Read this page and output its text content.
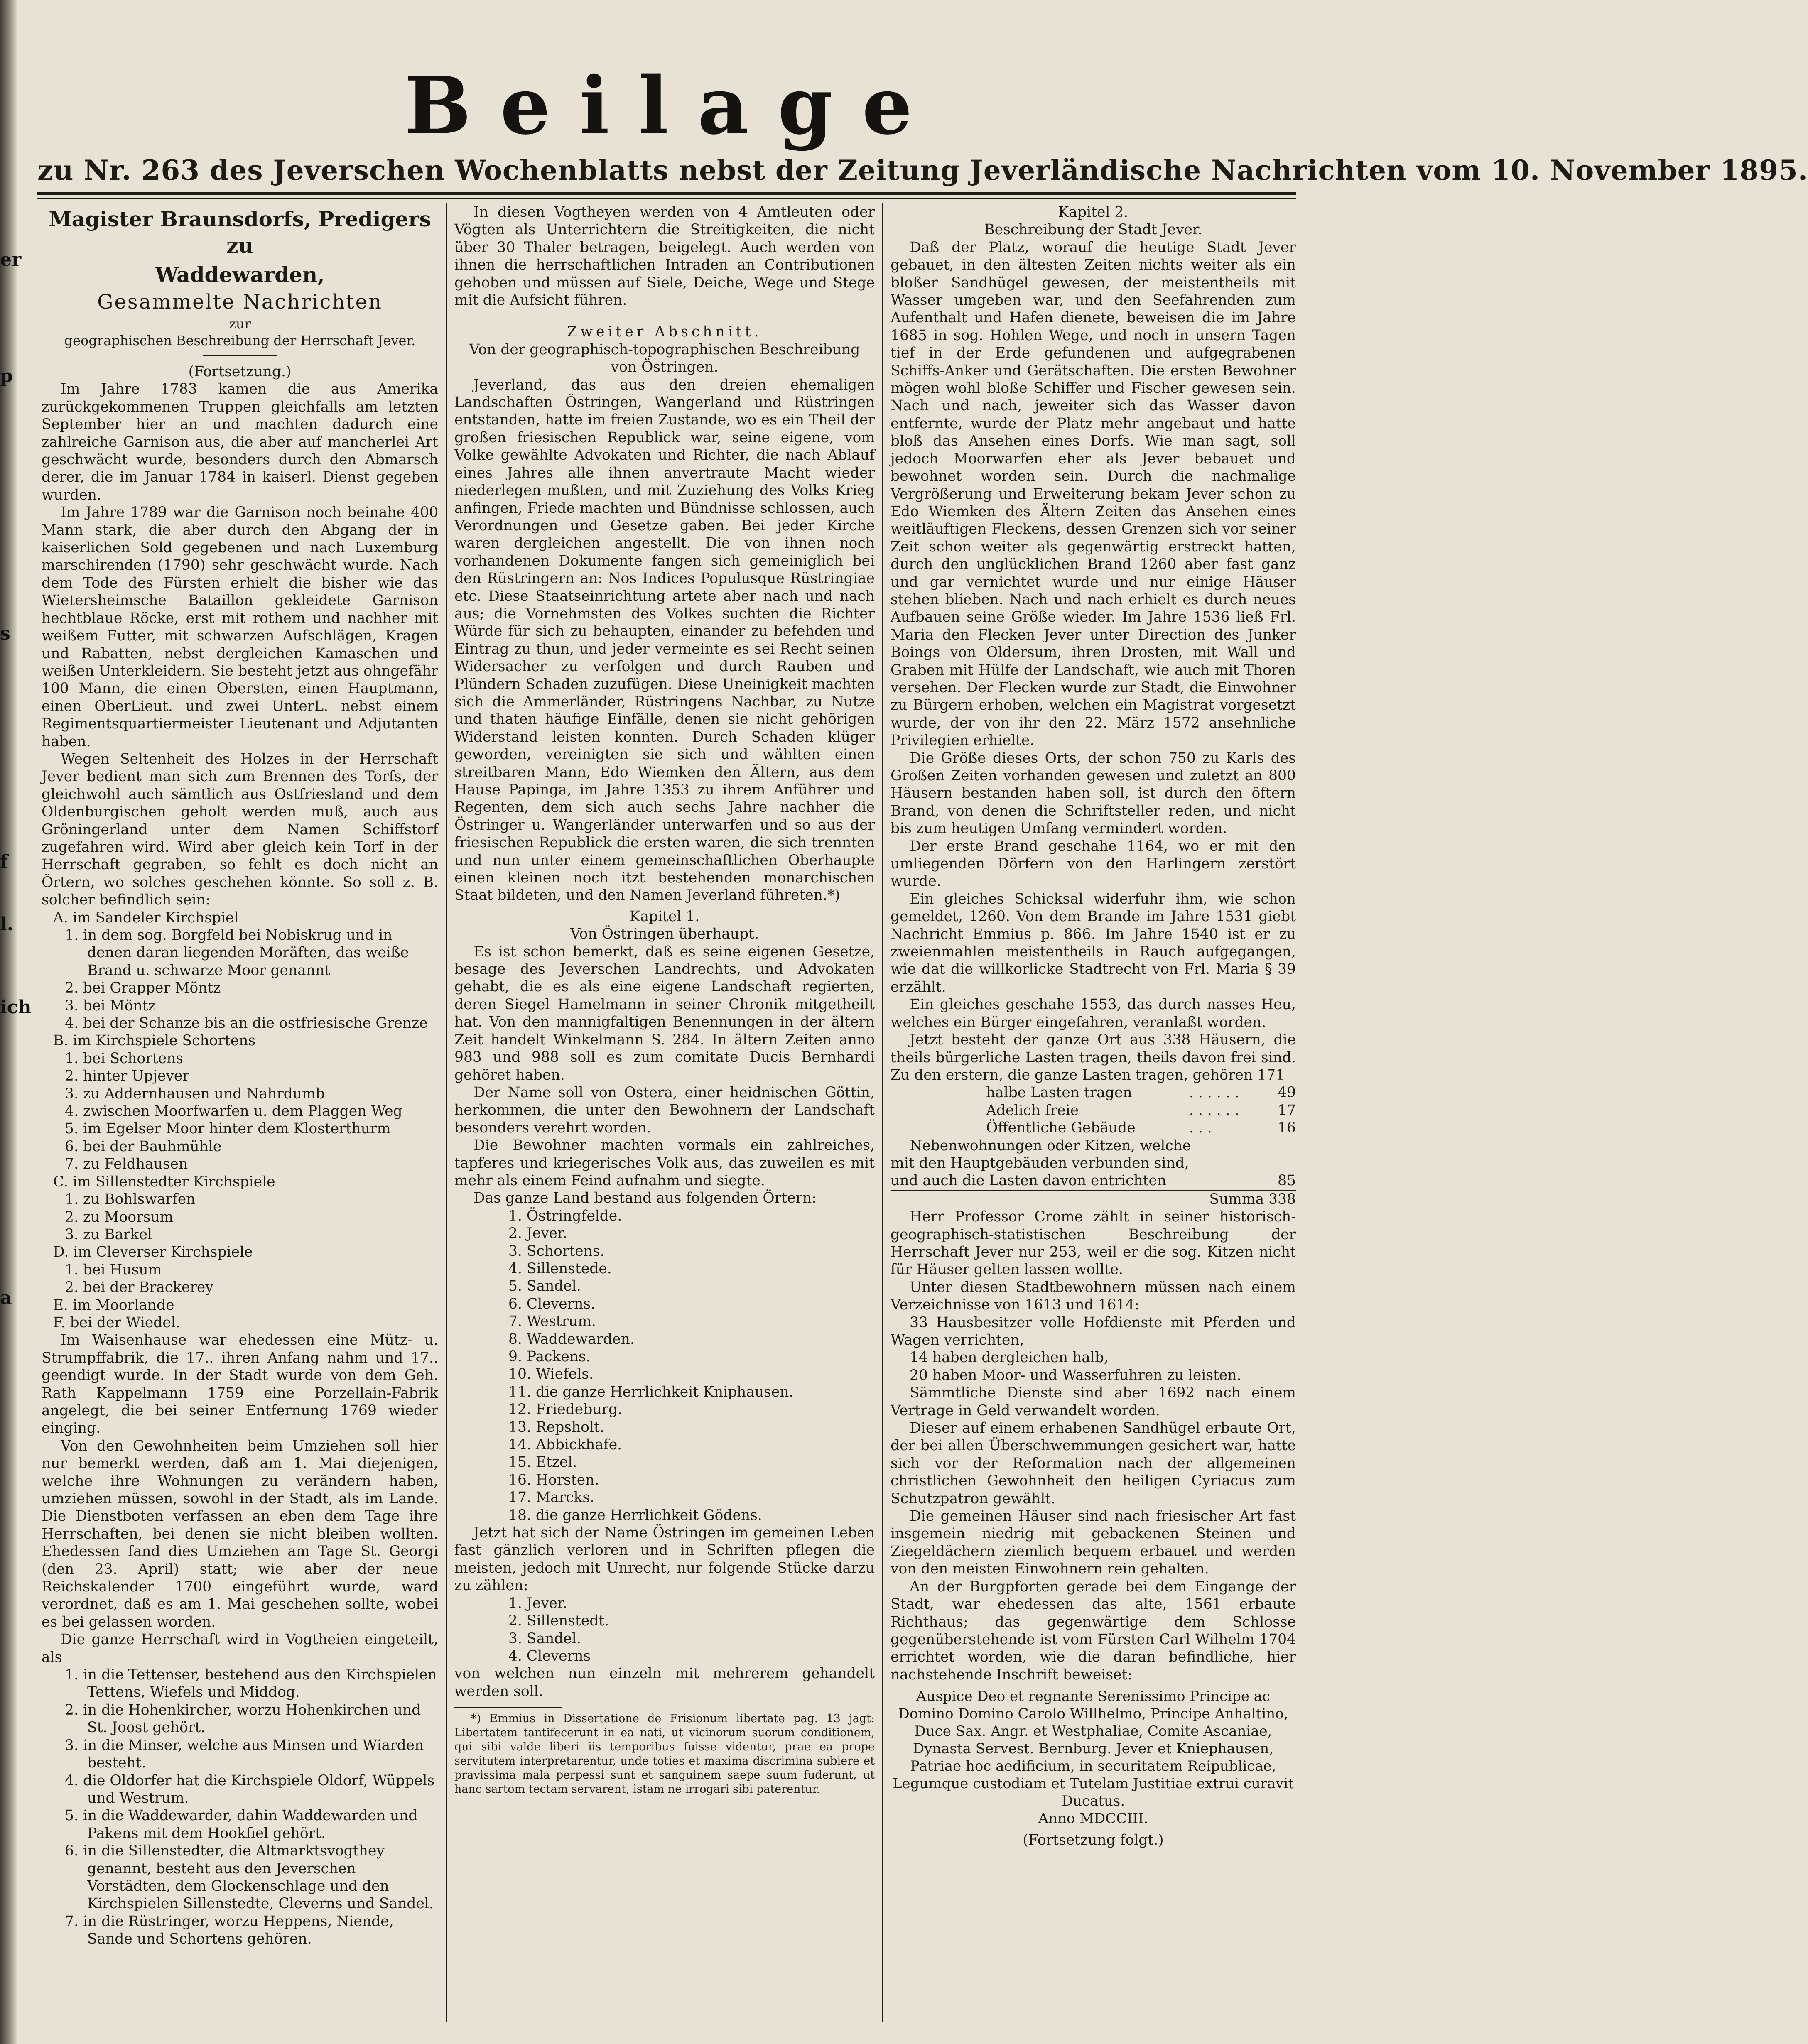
er
p
s
f
l.
ich
a
Beilage
zu Nr. 263 des Jeverschen Wochenblatts nebst der Zeitung Jeverländische Nachrichten vom 10. November 1895.
Magister Braunsdorfs, Predigers zu
Waddewarden,
Gesammelte Nachrichten
zur
geographischen Beschreibung der Herrschaft Jever.
(Fortsetzung.)

Im Jahre 1783 kamen die aus Amerika zurückgekommenen Truppen gleichfalls am letzten September hier an und machten dadurch eine zahlreiche Garnison aus, die aber auf mancherlei Art geschwächt wurde, besonders durch den Abmarsch derer, die im Januar 1784 in kaiserl. Dienst gegeben wurden.

Im Jahre 1789 war die Garnison noch beinahe 400 Mann stark, die aber durch den Abgang der in kaiserlichen Sold gegebenen und nach Luxemburg marschirenden (1790) sehr geschwächt wurde. Nach dem Tode des Fürsten erhielt die bisher wie das Wietersheimsche Bataillon gekleidete Garnison hechtblaue Röcke, erst mit rothem und nachher mit weißem Futter, mit schwarzen Aufschlägen, Kragen und Rabatten, nebst dergleichen Kamaschen und weißen Unterkleidern. Sie besteht jetzt aus ohngefähr 100 Mann, die einen Obersten, einen Hauptmann, einen OberLieut. und zwei UnterL. nebst einem Regimentsquartiermeister Lieutenant und Adjutanten haben.

Wegen Seltenheit des Holzes in der Herrschaft Jever bedient man sich zum Brennen des Torfs, der gleichwohl auch sämtlich aus Ostfriesland und dem Oldenburgischen geholt werden muß, auch aus Gröningerland unter dem Namen Schiffstorf zugefahren wird. Wird aber gleich kein Torf in der Herrschaft gegraben, so fehlt es doch nicht an Örtern, wo solches geschehen könnte. So soll z. B. solcher befindlich sein:

A. im Sandeler Kirchspiel
1. in dem sog. Borgfeld bei Nobiskrug und in denen daran liegenden Moräften, das weiße Brand u. schwarze Moor genannt
2. bei Grapper Möntz
3. bei Möntz
4. bei der Schanze bis an die ostfriesische Grenze
B. im Kirchspiele Schortens
1. bei Schortens
2. hinter Upjever
3. zu Addernhausen und Nahrdumb
4. zwischen Moorfwarfen u. dem Plaggen Weg
5. im Egelser Moor hinter dem Klosterthurm
6. bei der Bauhmühle
7. zu Feldhausen
C. im Sillenstedter Kirchspiele
1. zu Bohlswarfen
2. zu Moorsum
3. zu Barkel
D. im Cleverser Kirchspiele
1. bei Husum
2. bei der Brackerey
E. im Moorlande
F. bei der Wiedel.

Im Waisenhause war ehedessen eine Mütz- u. Strumpffabrik, die 17.. ihren Anfang nahm und 17.. geendigt wurde. In der Stadt wurde von dem Geh. Rath Kappelmann 1759 eine Porzellain-Fabrik angelegt, die bei seiner Entfernung 1769 wieder einging.

Von den Gewohnheiten beim Umziehen soll hier nur bemerkt werden, daß am 1. Mai diejenigen, welche ihre Wohnungen zu verändern haben, umziehen müssen, sowohl in der Stadt, als im Lande. Die Dienstboten verfassen an eben dem Tage ihre Herrschaften, bei denen sie nicht bleiben wollten. Ehedessen fand dies Umziehen am Tage St. Georgi (den 23. April) statt; wie aber der neue Reichskalender 1700 eingeführt wurde, ward verordnet, daß es am 1. Mai geschehen sollte, wobei es bei gelassen worden.

Die ganze Herrschaft wird in Vogtheien eingeteilt, als

1. in die Tettenser, bestehend aus den Kirchspielen Tettens, Wiefels und Middog.
2. in die Hohenkircher, worzu Hohenkirchen und St. Joost gehört.
3. in die Minser, welche aus Minsen und Wiarden besteht.
4. die Oldorfer hat die Kirchspiele Oldorf, Wüppels und Westrum.
5. in die Waddewarder, dahin Waddewarden und Pakens mit dem Hookfiel gehört.
6. in die Sillenstedter, die Altmarktsvogthey genannt, besteht aus den Jeverschen Vorstädten, dem Glockenschlage und den Kirchspielen Sillenstedte, Cleverns und Sandel.
7. in die Rüstringer, worzu Heppens, Niende, Sande und Schortens gehören.

In diesen Vogtheyen werden von 4 Amtleuten oder Vögten als Unterrichtern die Streitigkeiten, die nicht über 30 Thaler betragen, beigelegt. Auch werden von ihnen die herrschaftlichen Intraden an Contributionen gehoben und müssen auf Siele, Deiche, Wege und Stege mit die Aufsicht führen.

Zweiter Abschnitt.
Von der geographisch-topographischen Beschreibung
von Östringen.

Jeverland, das aus den dreien ehemaligen Landschaften Östringen, Wangerland und Rüstringen entstanden, hatte im freien Zustande, wo es ein Theil der großen friesischen Republick war, seine eigene, vom Volke gewählte Advokaten und Richter, die nach Ablauf eines Jahres alle ihnen anvertraute Macht wieder niederlegen mußten, und mit Zuziehung des Volks Krieg anfingen, Friede machten und Bündnisse schlossen, auch Verordnungen und Gesetze gaben. Bei jeder Kirche waren dergleichen angestellt. Die von ihnen noch vorhandenen Dokumente fangen sich gemeiniglich bei den Rüstringern an: Nos Indices Populusque Rüstringiae etc. Diese Staatseinrichtung artete aber nach und nach aus; die Vornehmsten des Volkes suchten die Richter Würde für sich zu behaupten, einander zu befehden und Eintrag zu thun, und jeder vermeinte es sei Recht seinen Widersacher zu verfolgen und durch Rauben und Plündern Schaden zuzufügen. Diese Uneinigkeit machten sich die Ammerländer, Rüstringens Nachbar, zu Nutze und thaten häufige Einfälle, denen sie nicht gehörigen Widerstand leisten konnten. Durch Schaden klüger geworden, vereinigten sie sich und wählten einen streitbaren Mann, Edo Wiemken den Ältern, aus dem Hause Papinga, im Jahre 1353 zu ihrem Anführer und Regenten, dem sich auch sechs Jahre nachher die Östringer u. Wangerländer unterwarfen und so aus der friesischen Republick die ersten waren, die sich trennten und nun unter einem gemeinschaftlichen Oberhaupte einen kleinen noch itzt bestehenden monarchischen Staat bildeten, und den Namen Jeverland führeten.*)

Kapitel 1.
Von Östringen überhaupt.

Es ist schon bemerkt, daß es seine eigenen Gesetze, besage des Jeverschen Landrechts, und Advokaten gehabt, die es als eine eigene Landschaft regierten, deren Siegel Hamelmann in seiner Chronik mitgetheilt hat. Von den mannigfaltigen Benennungen in der ältern Zeit handelt Winkelmann S. 284. In ältern Zeiten anno 983 und 988 soll es zum comitate Ducis Bernhardi gehöret haben.

Der Name soll von Ostera, einer heidnischen Göttin, herkommen, die unter den Bewohnern der Landschaft besonders verehrt worden.

Die Bewohner machten vormals ein zahlreiches, tapferes und kriegerisches Volk aus, das zuweilen es mit mehr als einem Feind aufnahm und siegte.

Das ganze Land bestand aus folgenden Örtern:

1. Östringfelde.
2. Jever.
3. Schortens.
4. Sillenstede.
5. Sandel.
6. Cleverns.
7. Westrum.
8. Waddewarden.
9. Packens.
10. Wiefels.
11. die ganze Herrlichkeit Kniphausen.
12. Friedeburg.
13. Repsholt.
14. Abbickhafe.
15. Etzel.
16. Horsten.
17. Marcks.
18. die ganze Herrlichkeit Gödens.

Jetzt hat sich der Name Östringen im gemeinen Leben fast gänzlich verloren und in Schriften pflegen die meisten, jedoch mit Unrecht, nur folgende Stücke darzu zu zählen:

1. Jever.
2. Sillenstedt.
3. Sandel.
4. Cleverns

von welchen nun einzeln mit mehrerem gehandelt werden soll.

*) Emmius in Dissertatione de Frisionum libertate pag. 13 jagt: Libertatem tantifecerunt in ea nati, ut vicinorum suorum conditionem, qui sibi valde liberi iis temporibus fuisse videntur, prae ea prope servitutem interpretarentur, unde toties et maxima discrimina subiere et pravissima mala perpessi sunt et sanguinem saepe suum fuderunt, ut hanc sartom tectam servarent, istam ne irrogari sibi paterentur.

Kapitel 2.
Beschreibung der Stadt Jever.

Daß der Platz, worauf die heutige Stadt Jever gebauet, in den ältesten Zeiten nichts weiter als ein bloßer Sandhügel gewesen, der meistentheils mit Wasser umgeben war, und den Seefahrenden zum Aufenthalt und Hafen dienete, beweisen die im Jahre 1685 in sog. Hohlen Wege, und noch in unsern Tagen tief in der Erde gefundenen und aufgegrabenen Schiffs-Anker und Gerätschaften. Die ersten Bewohner mögen wohl bloße Schiffer und Fischer gewesen sein. Nach und nach, jeweiter sich das Wasser davon entfernte, wurde der Platz mehr angebaut und hatte bloß das Ansehen eines Dorfs. Wie man sagt, soll jedoch Moorwarfen eher als Jever bebauet und bewohnet worden sein. Durch die nachmalige Vergrößerung und Erweiterung bekam Jever schon zu Edo Wiemken des Ältern Zeiten das Ansehen eines weitläuftigen Fleckens, dessen Grenzen sich vor seiner Zeit schon weiter als gegenwärtig erstreckt hatten, durch den unglücklichen Brand 1260 aber fast ganz und gar vernichtet wurde und nur einige Häuser stehen blieben. Nach und nach erhielt es durch neues Aufbauen seine Größe wieder. Im Jahre 1536 ließ Frl. Maria den Flecken Jever unter Direction des Junker Boings von Oldersum, ihren Drosten, mit Wall und Graben mit Hülfe der Landschaft, wie auch mit Thoren versehen. Der Flecken wurde zur Stadt, die Einwohner zu Bürgern erhoben, welchen ein Magistrat vorgesetzt wurde, der von ihr den 22. März 1572 ansehnliche Privilegien erhielte.

Die Größe dieses Orts, der schon 750 zu Karls des Großen Zeiten vorhanden gewesen und zuletzt an 800 Häusern bestanden haben soll, ist durch den öftern Brand, von denen die Schriftsteller reden, und nicht bis zum heutigen Umfang vermindert worden.

Der erste Brand geschahe 1164, wo er mit den umliegenden Dörfern von den Harlingern zerstört wurde.

Ein gleiches Schicksal widerfuhr ihm, wie schon gemeldet, 1260. Von dem Brande im Jahre 1531 giebt Nachricht Emmius p. 866. Im Jahre 1540 ist er zu zweienmahlen meistentheils in Rauch aufgegangen, wie dat die willkorlicke Stadtrecht von Frl. Maria § 39 erzählt.

Ein gleiches geschahe 1553, das durch nasses Heu, welches ein Bürger eingefahren, veranlaßt worden.

Jetzt besteht der ganze Ort aus 338 Häusern, die theils bürgerliche Lasten tragen, theils davon frei sind. Zu den erstern, die ganze Lasten tragen, gehören 171

halbe Lasten tragen	. . . . . .	49
Adelich freie	. . . . . .	17
Öffentliche Gebäude	. . .	16
Nebenwohnungen oder Kitzen, welche		
mit den Hauptgebäuden verbunden sind,		
und auch die Lasten davon entrichten		85
Summa 338		

Herr Professor Crome zählt in seiner historisch-geographisch-statistischen Beschreibung der Herrschaft Jever nur 253, weil er die sog. Kitzen nicht für Häuser gelten lassen wollte.

Unter diesen Stadtbewohnern müssen nach einem Verzeichnisse von 1613 und 1614:

33 Hausbesitzer volle Hofdienste mit Pferden und Wagen verrichten,

14 haben dergleichen halb,

20 haben Moor- und Wasserfuhren zu leisten.

Sämmtliche Dienste sind aber 1692 nach einem Vertrage in Geld verwandelt worden.

Dieser auf einem erhabenen Sandhügel erbaute Ort, der bei allen Überschwemmungen gesichert war, hatte sich vor der Reformation nach der allgemeinen christlichen Gewohnheit den heiligen Cyriacus zum Schutzpatron gewählt.

Die gemeinen Häuser sind nach friesischer Art fast insgemein niedrig mit gebackenen Steinen und Ziegeldächern ziemlich bequem erbauet und werden von den meisten Einwohnern rein gehalten.

An der Burgpforten gerade bei dem Eingange der Stadt, war ehedessen das alte, 1561 erbaute Richthaus; das gegenwärtige dem Schlosse gegenüberstehende ist vom Fürsten Carl Wilhelm 1704 errichtet worden, wie die daran befindliche, hier nachstehende Inschrift beweiset:

Auspice Deo et regnante Serenissimo Principe ac Domino Domino Carolo Willhelmo, Principe Anhaltino, Duce Sax. Angr. et Westphaliae, Comite Ascaniae, Dynasta Servest. Bernburg. Jever et Kniephausen, Patriae hoc aedificium, in securitatem Reipublicae, Legumque custodiam et Tutelam Justitiae extrui curavit Ducatus.
Anno MDCCIII.
(Fortsetzung folgt.)
